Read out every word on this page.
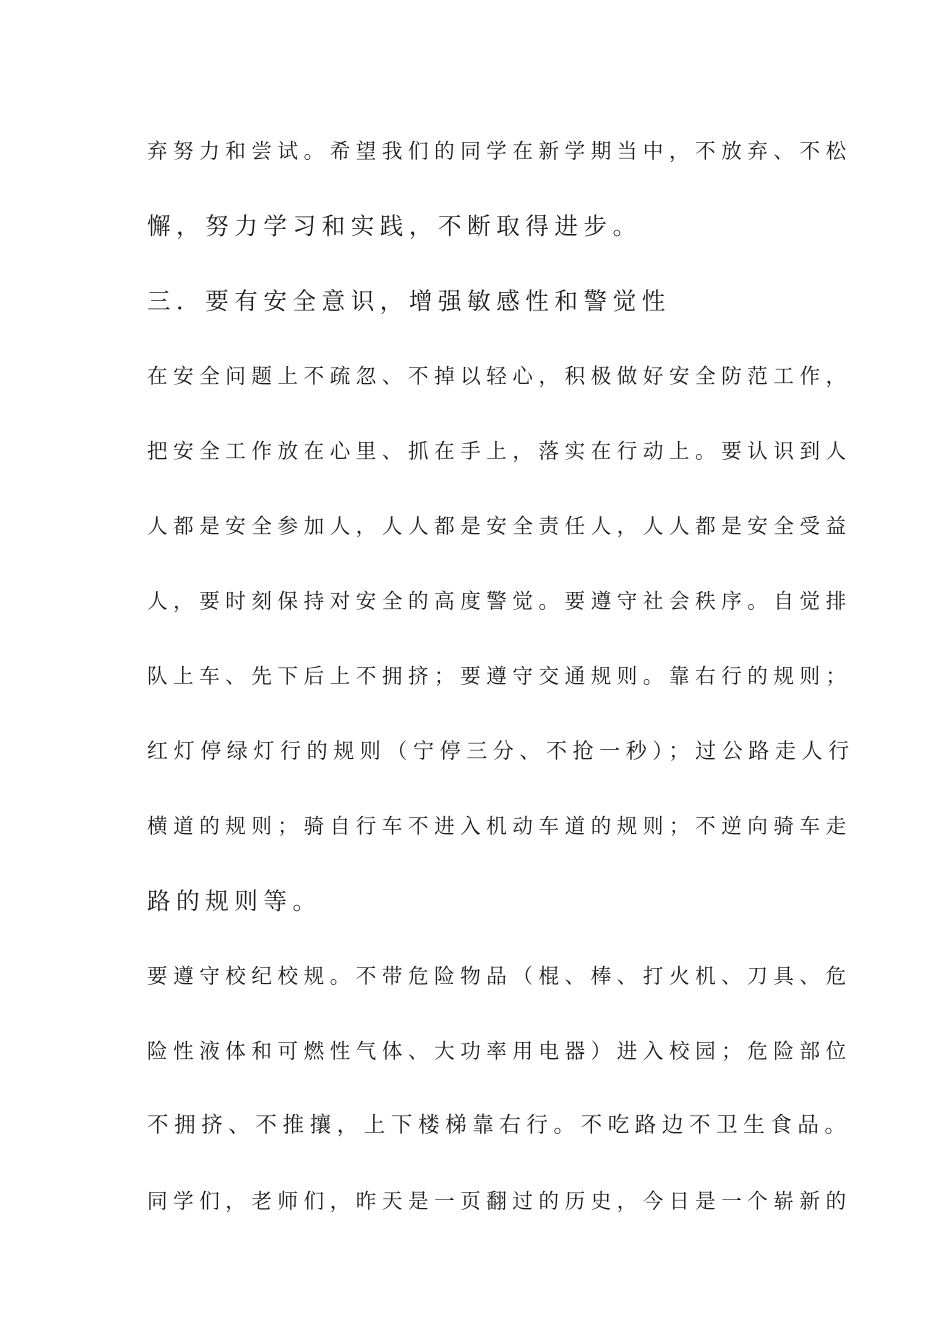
弃努力和尝试。希望我们的同学在新学期当中，不放弃、不松
懈，努力学习和实践，不断取得进步。
三．要有安全意识，增强敏感性和警觉性
在安全问题上不疏忽、不掉以轻心，积极做好安全防范工作，
把安全工作放在心里、抓在手上，落实在行动上。要认识到人
人都是安全参加人，人人都是安全责任人，人人都是安全受益
人，要时刻保持对安全的高度警觉。要遵守社会秩序。自觉排
队上车、先下后上不拥挤；要遵守交通规则。靠右行的规则；
红灯停绿灯行的规则（宁停三分、不抢一秒）；过公路走人行
横道的规则；骑自行车不进入机动车道的规则；不逆向骑车走
路的规则等。
要遵守校纪校规。不带危险物品（棍、棒、打火机、刀具、危
险性液体和可燃性气体、大功率用电器）进入校园；危险部位
不拥挤、不推攘，上下楼梯靠右行。不吃路边不卫生食品。
同学们，老师们，昨天是一页翻过的历史，今日是一个崭新的
